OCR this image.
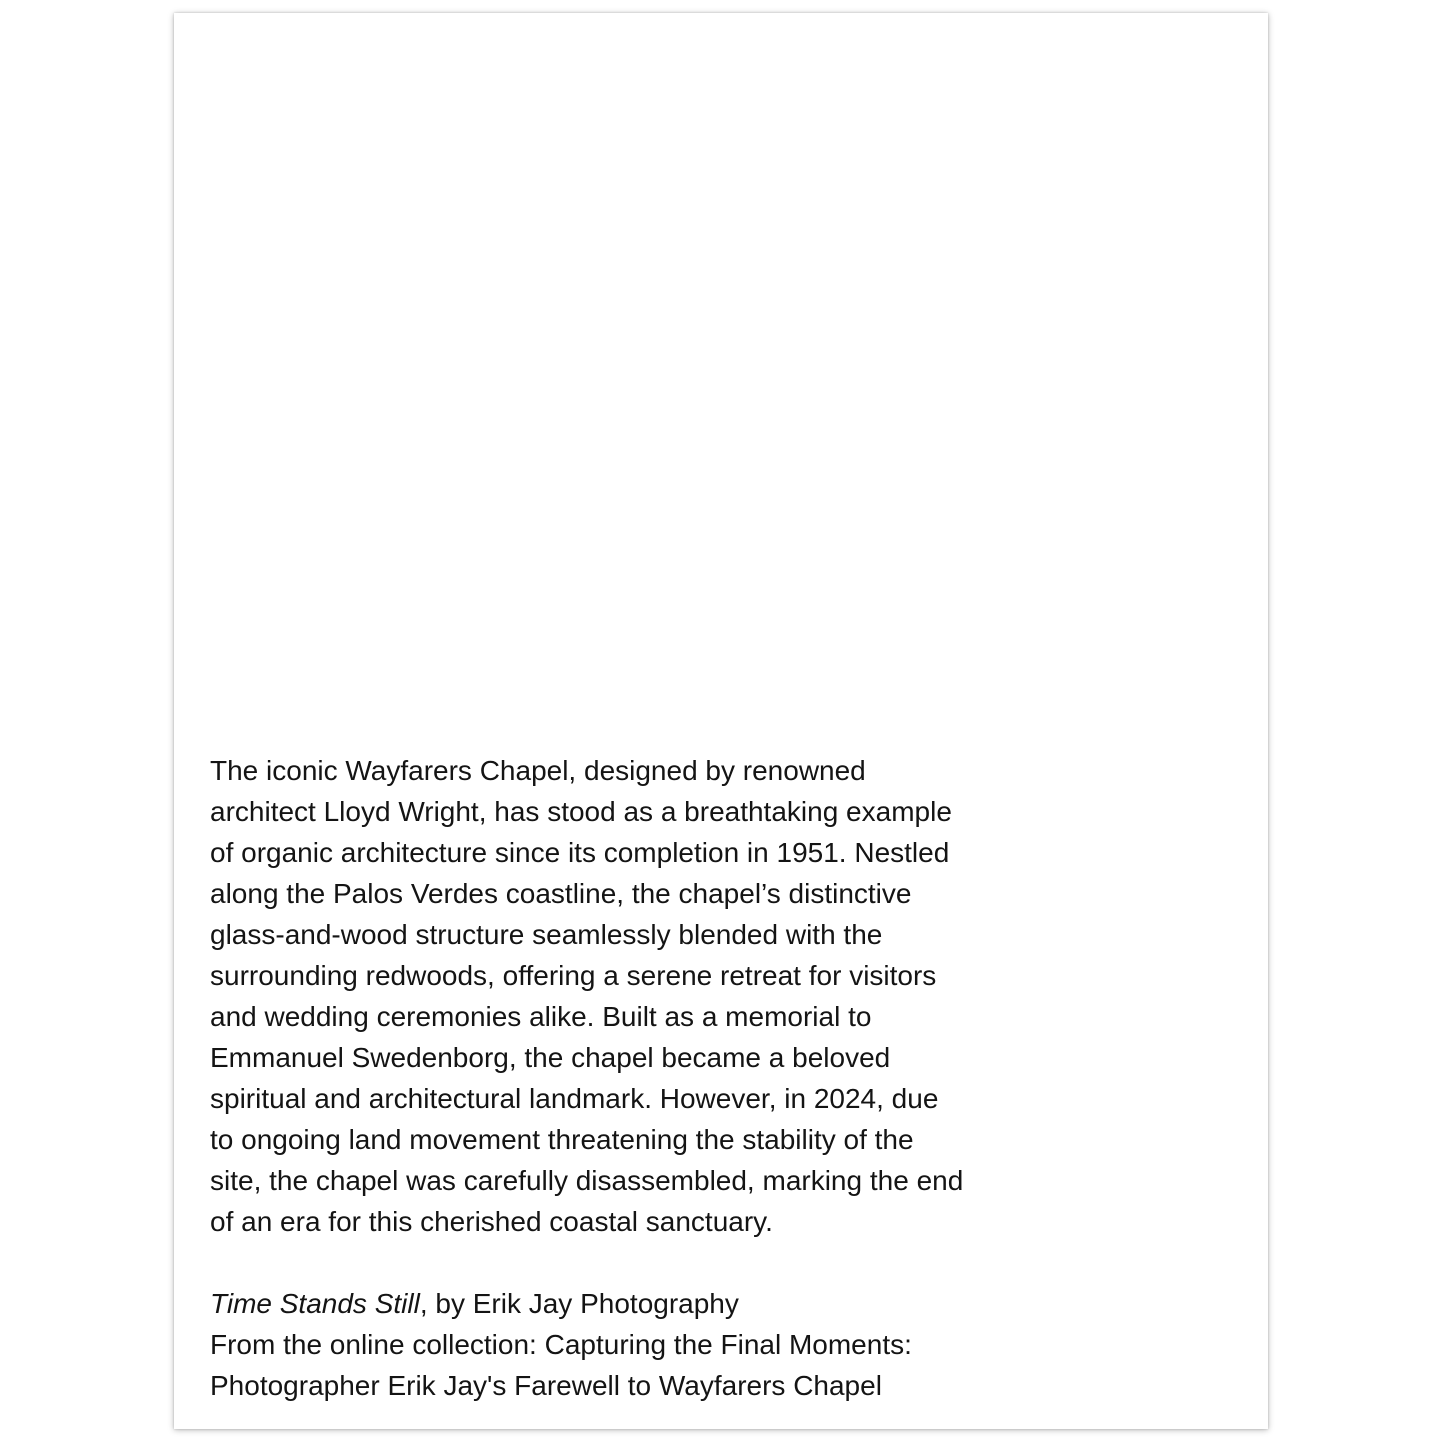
The iconic Wayfarers Chapel, designed by renowned
architect Lloyd Wright, has stood as a breathtaking example
of organic architecture since its completion in 1951. Nestled
along the Palos Verdes coastline, the chapel’s distinctive
glass-and-wood structure seamlessly blended with the
surrounding redwoods, offering a serene retreat for visitors
and wedding ceremonies alike. Built as a memorial to
Emmanuel Swedenborg, the chapel became a beloved
spiritual and architectural landmark. However, in 2024, due
to ongoing land movement threatening the stability of the
site, the chapel was carefully disassembled, marking the end
of an era for this cherished coastal sanctuary.

Time Stands Still, by Erik Jay Photography
From the online collection: Capturing the Final Moments:
Photographer Erik Jay's Farewell to Wayfarers Chapel
